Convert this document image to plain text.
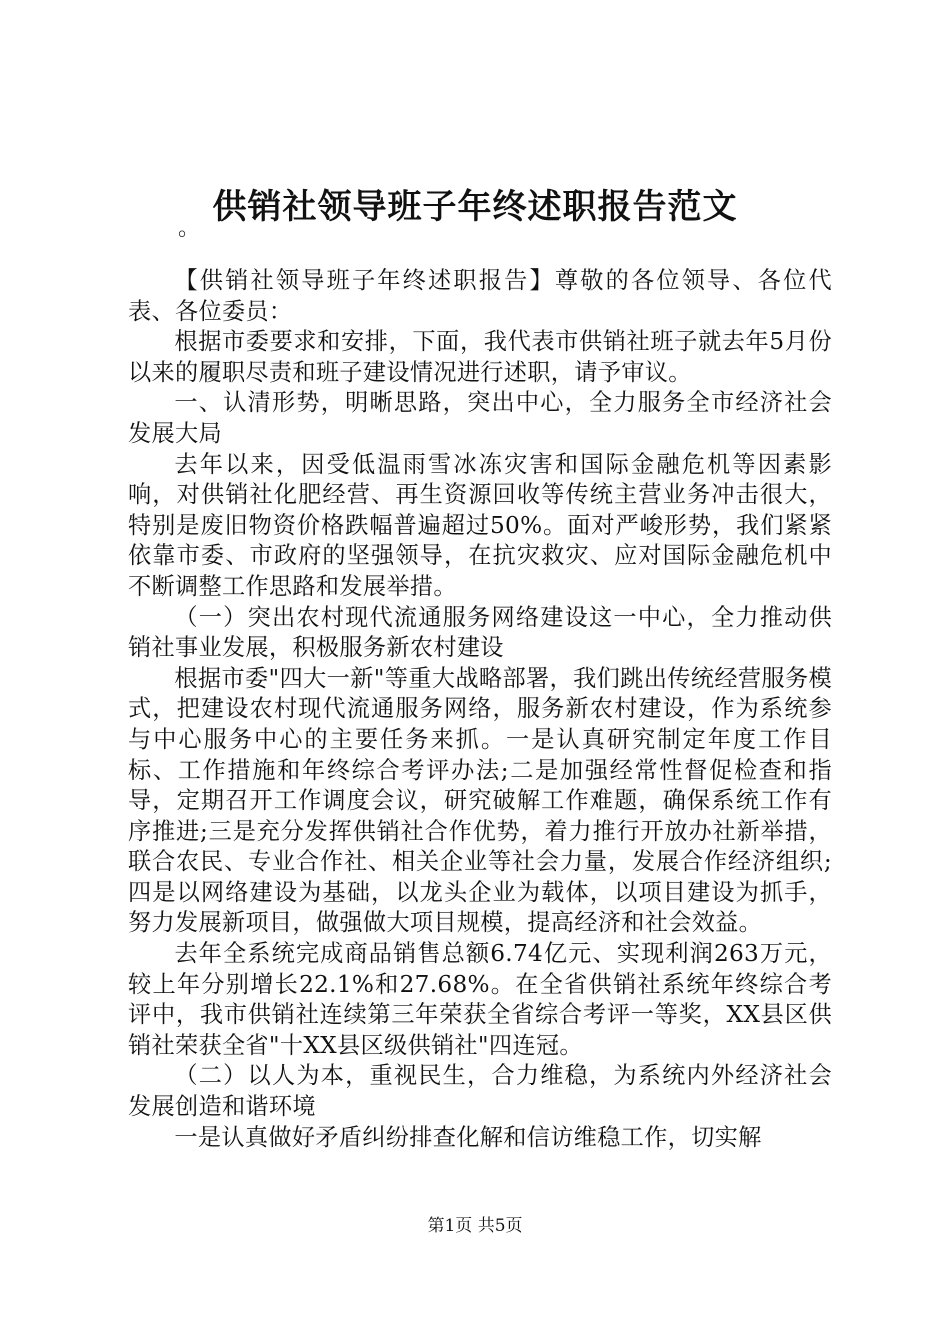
供销社领导班子年终述职报告范文
。

【供销社领导班子年终述职报告】尊敬的各位领导、各位代表、各位委员：

根据市委要求和安排，下面，我代表市供销社班子就去年5月份以来的履职尽责和班子建设情况进行述职，请予审议。

一、认清形势，明晰思路，突出中心，全力服务全市经济社会发展大局

去年以来，因受低温雨雪冰冻灾害和国际金融危机等因素影响，对供销社化肥经营、再生资源回收等传统主营业务冲击很大，特别是废旧物资价格跌幅普遍超过50%。面对严峻形势，我们紧紧依靠市委、市政府的坚强领导，在抗灾救灾、应对国际金融危机中不断调整工作思路和发展举措。

（一）突出农村现代流通服务网络建设这一中心，全力推动供销社事业发展，积极服务新农村建设

根据市委"四大一新"等重大战略部署，我们跳出传统经营服务模式，把建设农村现代流通服务网络，服务新农村建设，作为系统参与中心服务中心的主要任务来抓。一是认真研究制定年度工作目标、工作措施和年终综合考评办法;二是加强经常性督促检查和指导，定期召开工作调度会议，研究破解工作难题，确保系统工作有序推进;三是充分发挥供销社合作优势，着力推行开放办社新举措，联合农民、专业合作社、相关企业等社会力量，发展合作经济组织;四是以网络建设为基础，以龙头企业为载体，以项目建设为抓手，努力发展新项目，做强做大项目规模，提高经济和社会效益。

去年全系统完成商品销售总额6.74亿元、实现利润263万元，较上年分别增长22.1%和27.68%。在全省供销社系统年终综合考评中，我市供销社连续第三年荣获全省综合考评一等奖，XX县区供销社荣获全省"十XX县区级供销社"四连冠。

（二）以人为本，重视民生，合力维稳，为系统内外经济社会发展创造和谐环境

一是认真做好矛盾纠纷排查化解和信访维稳工作，切实解

第1页 共5页
